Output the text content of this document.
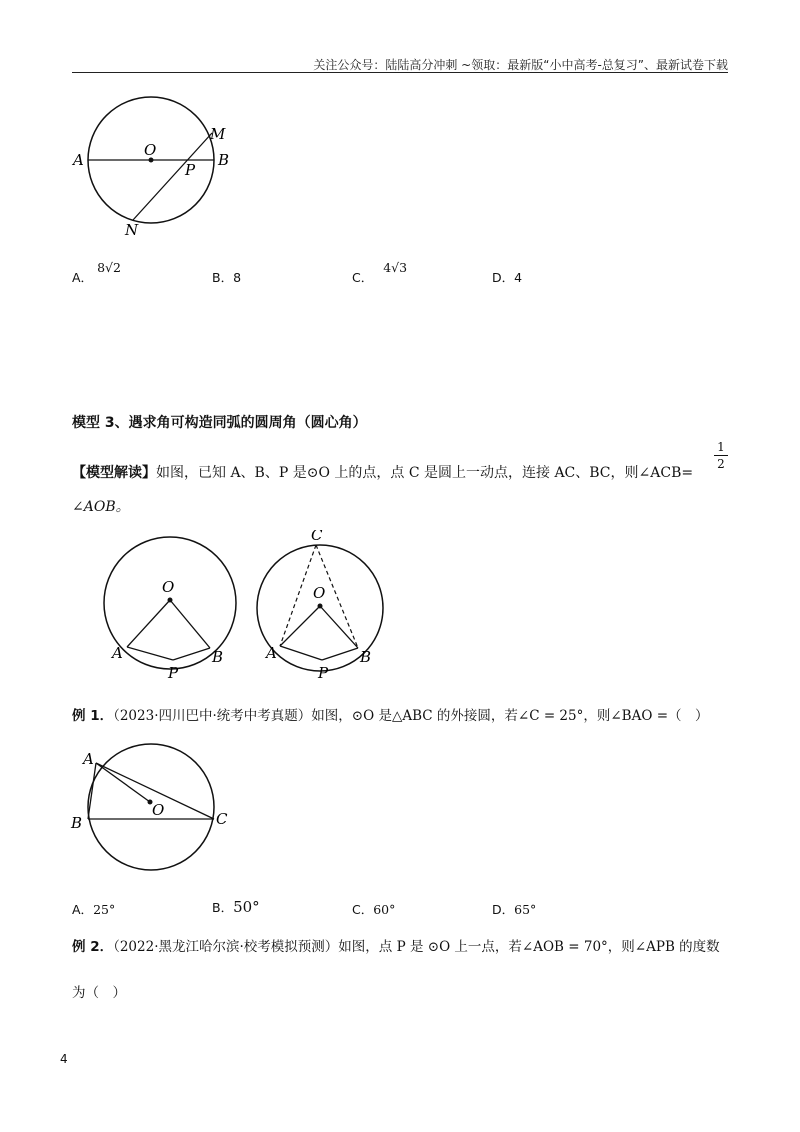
关注公众号：陆陆高分冲刺 ~领取：最新版“小中高考-总复习”、最新试卷下载
A
O
B
M
P
N
A．8√2
B．8	C．4√3
D．4
模型 3、遇求角可构造同弧的圆周角（圆心角）
【模型解读】如图，已知 A、B、P 是⊙O 上的点，点 C 是圆上一动点，连接 AC、BC，则∠ACB=
1
2
∠AOB。
O
A
P
B
C
O
A
P
B
例 1．（2023·四川巴中·统考中考真题）如图，⊙O 是△ABC 的外接圆，若∠C = 25°，则∠BAO =（　）
A
O
B	C
A．25°	B．50°	C．60°	D．65°
例 2．（2022·黑龙江哈尔滨·校考模拟预测）如图，点 P 是 ⊙O 上一点，若∠AOB = 70°，则∠APB 的度数
为（　）
4
